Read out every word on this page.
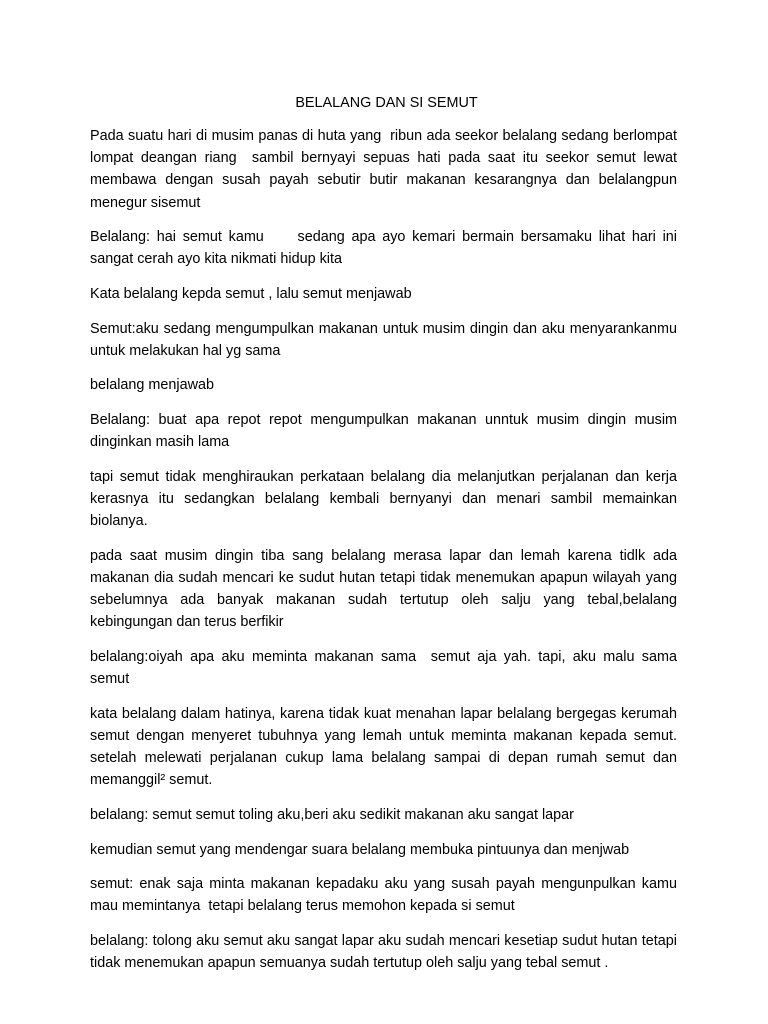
BELALANG DAN SI SEMUT

Pada suatu hari di musim panas di huta yang  ribun ada seekor belalang sedang berlompat lompat deangan riang  sambil bernyayi sepuas hati pada saat itu seekor semut lewat  membawa dengan susah payah sebutir butir makanan kesarangnya dan belalangpun menegur sisemut

Belalang: hai semut kamu     sedang apa ayo kemari bermain bersamaku lihat hari ini sangat cerah ayo kita nikmati hidup kita

Kata belalang kepda semut , lalu semut menjawab

Semut:aku sedang mengumpulkan makanan untuk musim dingin dan aku menyarankanmu untuk melakukan hal yg sama

belalang menjawab

Belalang: buat apa repot repot mengumpulkan makanan unntuk musim dingin musim dinginkan masih lama

tapi semut tidak menghiraukan perkataan belalang dia melanjutkan perjalanan dan kerja kerasnya itu sedangkan belalang kembali bernyanyi dan menari sambil memainkan biolanya.

pada saat musim dingin tiba sang belalang merasa lapar dan lemah karena tidlk ada makanan dia sudah mencari ke sudut hutan tetapi tidak menemukan apapun wilayah yang sebelumnya ada banyak makanan sudah tertutup oleh salju yang tebal,belalang kebingungan dan terus berfikir

belalang:oiyah apa aku meminta makanan sama  semut aja yah. tapi, aku malu sama semut

kata belalang dalam hatinya, karena tidak kuat menahan lapar belalang bergegas kerumah semut dengan menyeret tubuhnya yang lemah untuk meminta makanan kepada semut. setelah melewati perjalanan cukup lama belalang sampai di depan rumah semut dan memanggil² semut.

belalang: semut semut toling aku,beri aku sedikit makanan aku sangat lapar

kemudian semut yang mendengar suara belalang membuka pintuunya dan menjwab

semut: enak saja minta makanan kepadaku aku yang susah payah mengunpulkan kamu mau memintanya  tetapi belalang terus memohon kepada si semut

belalang: tolong aku semut aku sangat lapar aku sudah mencari kesetiap sudut hutan tetapi tidak menemukan apapun semuanya sudah tertutup oleh salju yang tebal semut .
